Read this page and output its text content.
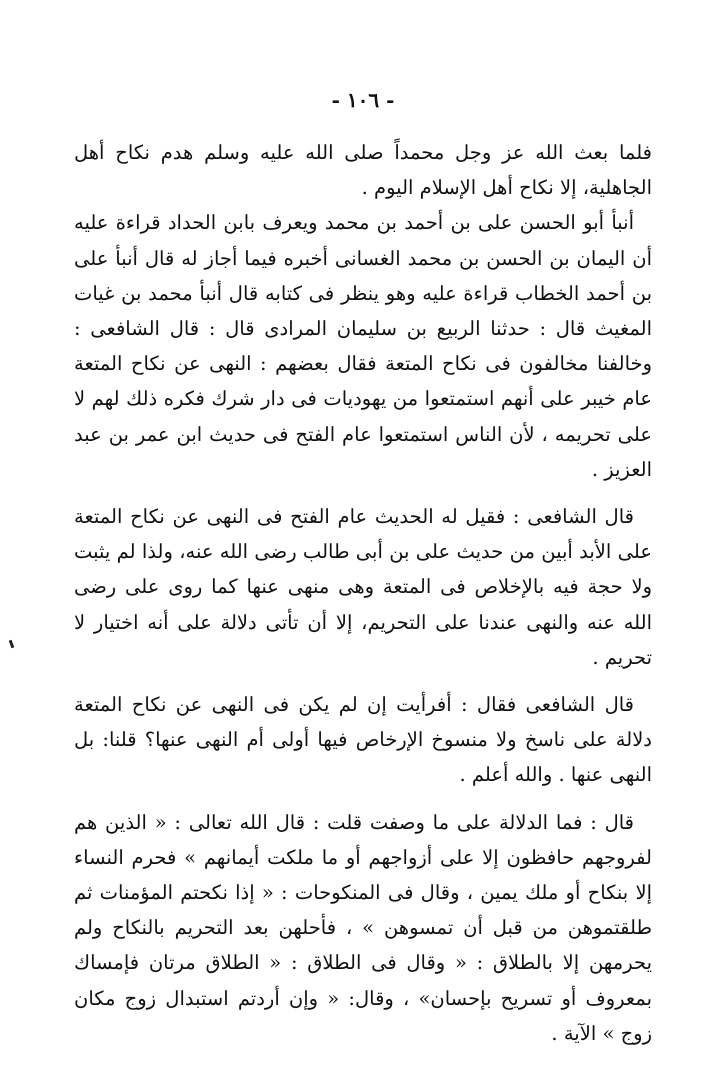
- ١٠٦ -

فلما بعث الله عز وجل محمداً صلى الله عليه وسلم هدم نكاح أهل الجاهلية، إلا نكاح أهل الإسلام اليوم .

أنبأ أبو الحسن على بن أحمد بن محمد ويعرف بابن الحداد قراءة عليه أن اليمان بن الحسن بن محمد الغسانى أخبره فيما أجاز له قال أنبأ على بن أحمد الخطاب قراءة عليه وهو ينظر فى كتابه قال أنبأ محمد بن غيات المغيث قال : حدثنا الربيع بن سليمان المرادى قال : قال الشافعى : وخالفنا مخالفون فى نكاح المتعة فقال بعضهم : النهى عن نكاح المتعة عام خيبر على أنهم استمتعوا من يهوديات فى دار شرك فكره ذلك لهم لا على تحريمه ، لأن الناس استمتعوا عام الفتح فى حديث ابن عمر بن عبد العزيز .

قال الشافعى : فقيل له الحديث عام الفتح فى النهى عن نكاح المتعة على الأبد أبين من حديث على بن أبى طالب رضى الله عنه، ولذا لم يثبت ولا حجة فيه بالإخلاص فى المتعة وهى منهى عنها كما روى على رضى الله عنه والنهى عندنا على التحريم، إلا أن تأتى دلالة على أنه اختيار لا تحريم .

قال الشافعى فقال : أفرأيت إن لم يكن فى النهى عن نكاح المتعة دلالة على ناسخ ولا منسوخ الإرخاص فيها أولى أم النهى عنها؟ قلنا: بل النهى عنها . والله أعلم .

قال : فما الدلالة على ما وصفت قلت : قال الله تعالى : « الذين هم لفروجهم حافظون إلا على أزواجهم أو ما ملكت أيمانهم » فحرم النساء إلا بنكاح أو ملك يمين ، وقال فى المنكوحات : « إذا نكحتم المؤمنات ثم طلقتموهن من قبل أن تمسوهن » ، فأحلهن بعد التحريم بالنكاح ولم يحرمهن إلا بالطلاق : « وقال فى الطلاق : « الطلاق مرتان فإمساك بمعروف أو تسريح بإحسان» ، وقال: « وإن أردتم استبدال زوج مكان زوج » الآية .
